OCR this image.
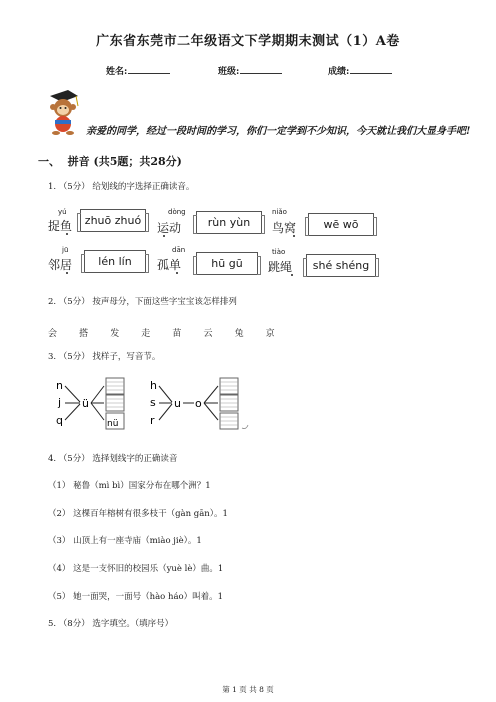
广东省东莞市二年级语文下学期期末测试（1）A卷
姓名:	班级:	成绩:
亲爱的同学，经过一段时间的学习，你们一定学到不少知识，今天就让我们大显身手吧!
一、 拼音 (共5题；共28分)
1. （5分） 给划线的字选择正确读音。
yú
捉鱼	zhuō zhuó
dòng
运动	rùn yùn
niǎo
鸟窝	wē wō
jū
邻居	lén lín
dān
孤单	hū gū
tiào
跳绳	shé shéng
2. （5分） 按声母分，下面这些字宝宝该怎样排列
会 搭 发 走 苗 云 兔 京
3. （5分） 找样子，写音节。
n
j
q
ü
nü
h
s
r
u o
4. （5分） 选择划线字的正确读音
（1） 秘鲁（mì bì）国家分布在哪个洲？1
（2） 这棵百年榕树有很多枝干（gàn gān）。1
（3） 山顶上有一座寺庙（miào jiè）。1
（4） 这是一支怀旧的校园乐（yuè lè）曲。1
（5） 她一面哭，一面号（hào háo）叫着。1
5. （8分） 选字填空。（填序号）
第 1 页 共 8 页
